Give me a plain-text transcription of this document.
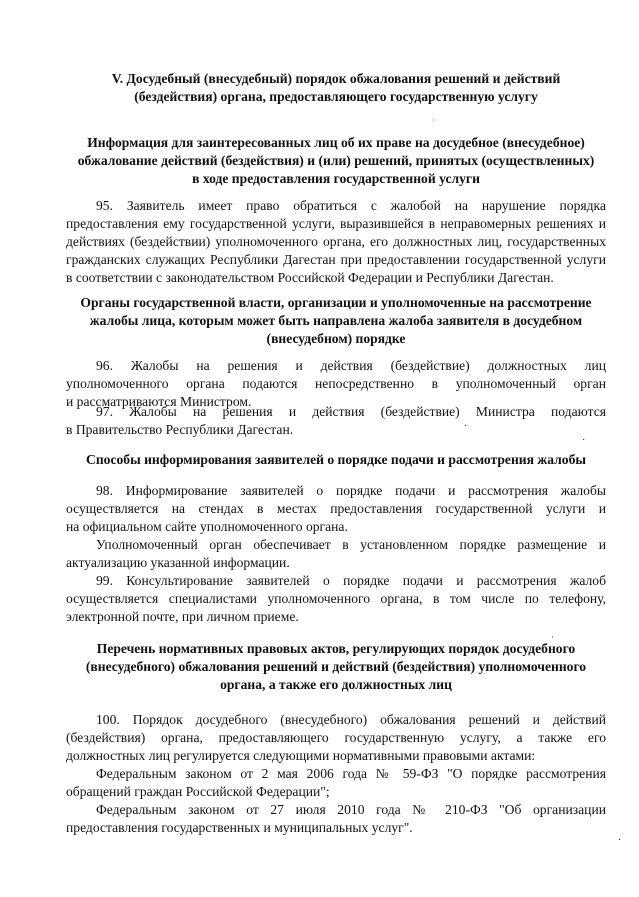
V. Досудебный (внесудебный) порядок обжалования решений и действий
(бездействия) органа, предоставляющего государственную услугу
Информация для заинтересованных лиц об их праве на досудебное (внесудебное)
обжалование действий (бездействия) и (или) решений, принятых (осуществленных)
в ходе предоставления государственной услуги
95. Заявитель имеет право обратиться с жалобой на нарушение порядка
предоставления ему государственной услуги, выразившейся в неправомерных решениях и
действиях (бездействии) уполномоченного органа, его должностных лиц, государственных
гражданских служащих Республики Дагестан при предоставлении государственной услуги
в соответствии с законодательством Российской Федерации и Республики Дагестан.
Органы государственной власти, организации и уполномоченные на рассмотрение
жалобы лица, которым может быть направлена жалоба заявителя в досудебном
(внесудебном) порядке
96. Жалобы на решения и действия (бездействие) должностных лиц
уполномоченного органа подаются непосредственно в уполномоченный орган
и рассматриваются Министром.
97. Жалобы на решения и действия (бездействие) Министра подаются
в Правительство Республики Дагестан.
Способы информирования заявителей о порядке подачи и рассмотрения жалобы
98. Информирование заявителей о порядке подачи и рассмотрения жалобы
осуществляется на стендах в местах предоставления государственной услуги и
на официальном сайте уполномоченного органа.
Уполномоченный орган обеспечивает в установленном порядке размещение и
актуализацию указанной информации.
99. Консультирование заявителей о порядке подачи и рассмотрения жалоб
осуществляется специалистами уполномоченного органа, в том числе по телефону,
электронной почте, при личном приеме.
Перечень нормативных правовых актов, регулирующих порядок досудебного
(внесудебного) обжалования решений и действий (бездействия) уполномоченного
органа, а также его должностных лиц
100. Порядок досудебного (внесудебного) обжалования решений и действий
(бездействия) органа, предоставляющего государственную услугу, а также его
должностных лиц регулируется следующими нормативными правовыми актами:
Федеральным законом от 2 мая 2006 года № 59-ФЗ "О порядке рассмотрения
обращений граждан Российской Федерации";
Федеральным законом от 27 июля 2010 года № 210-ФЗ "Об организации
предоставления государственных и муниципальных услуг".
·
·
·
·
·
